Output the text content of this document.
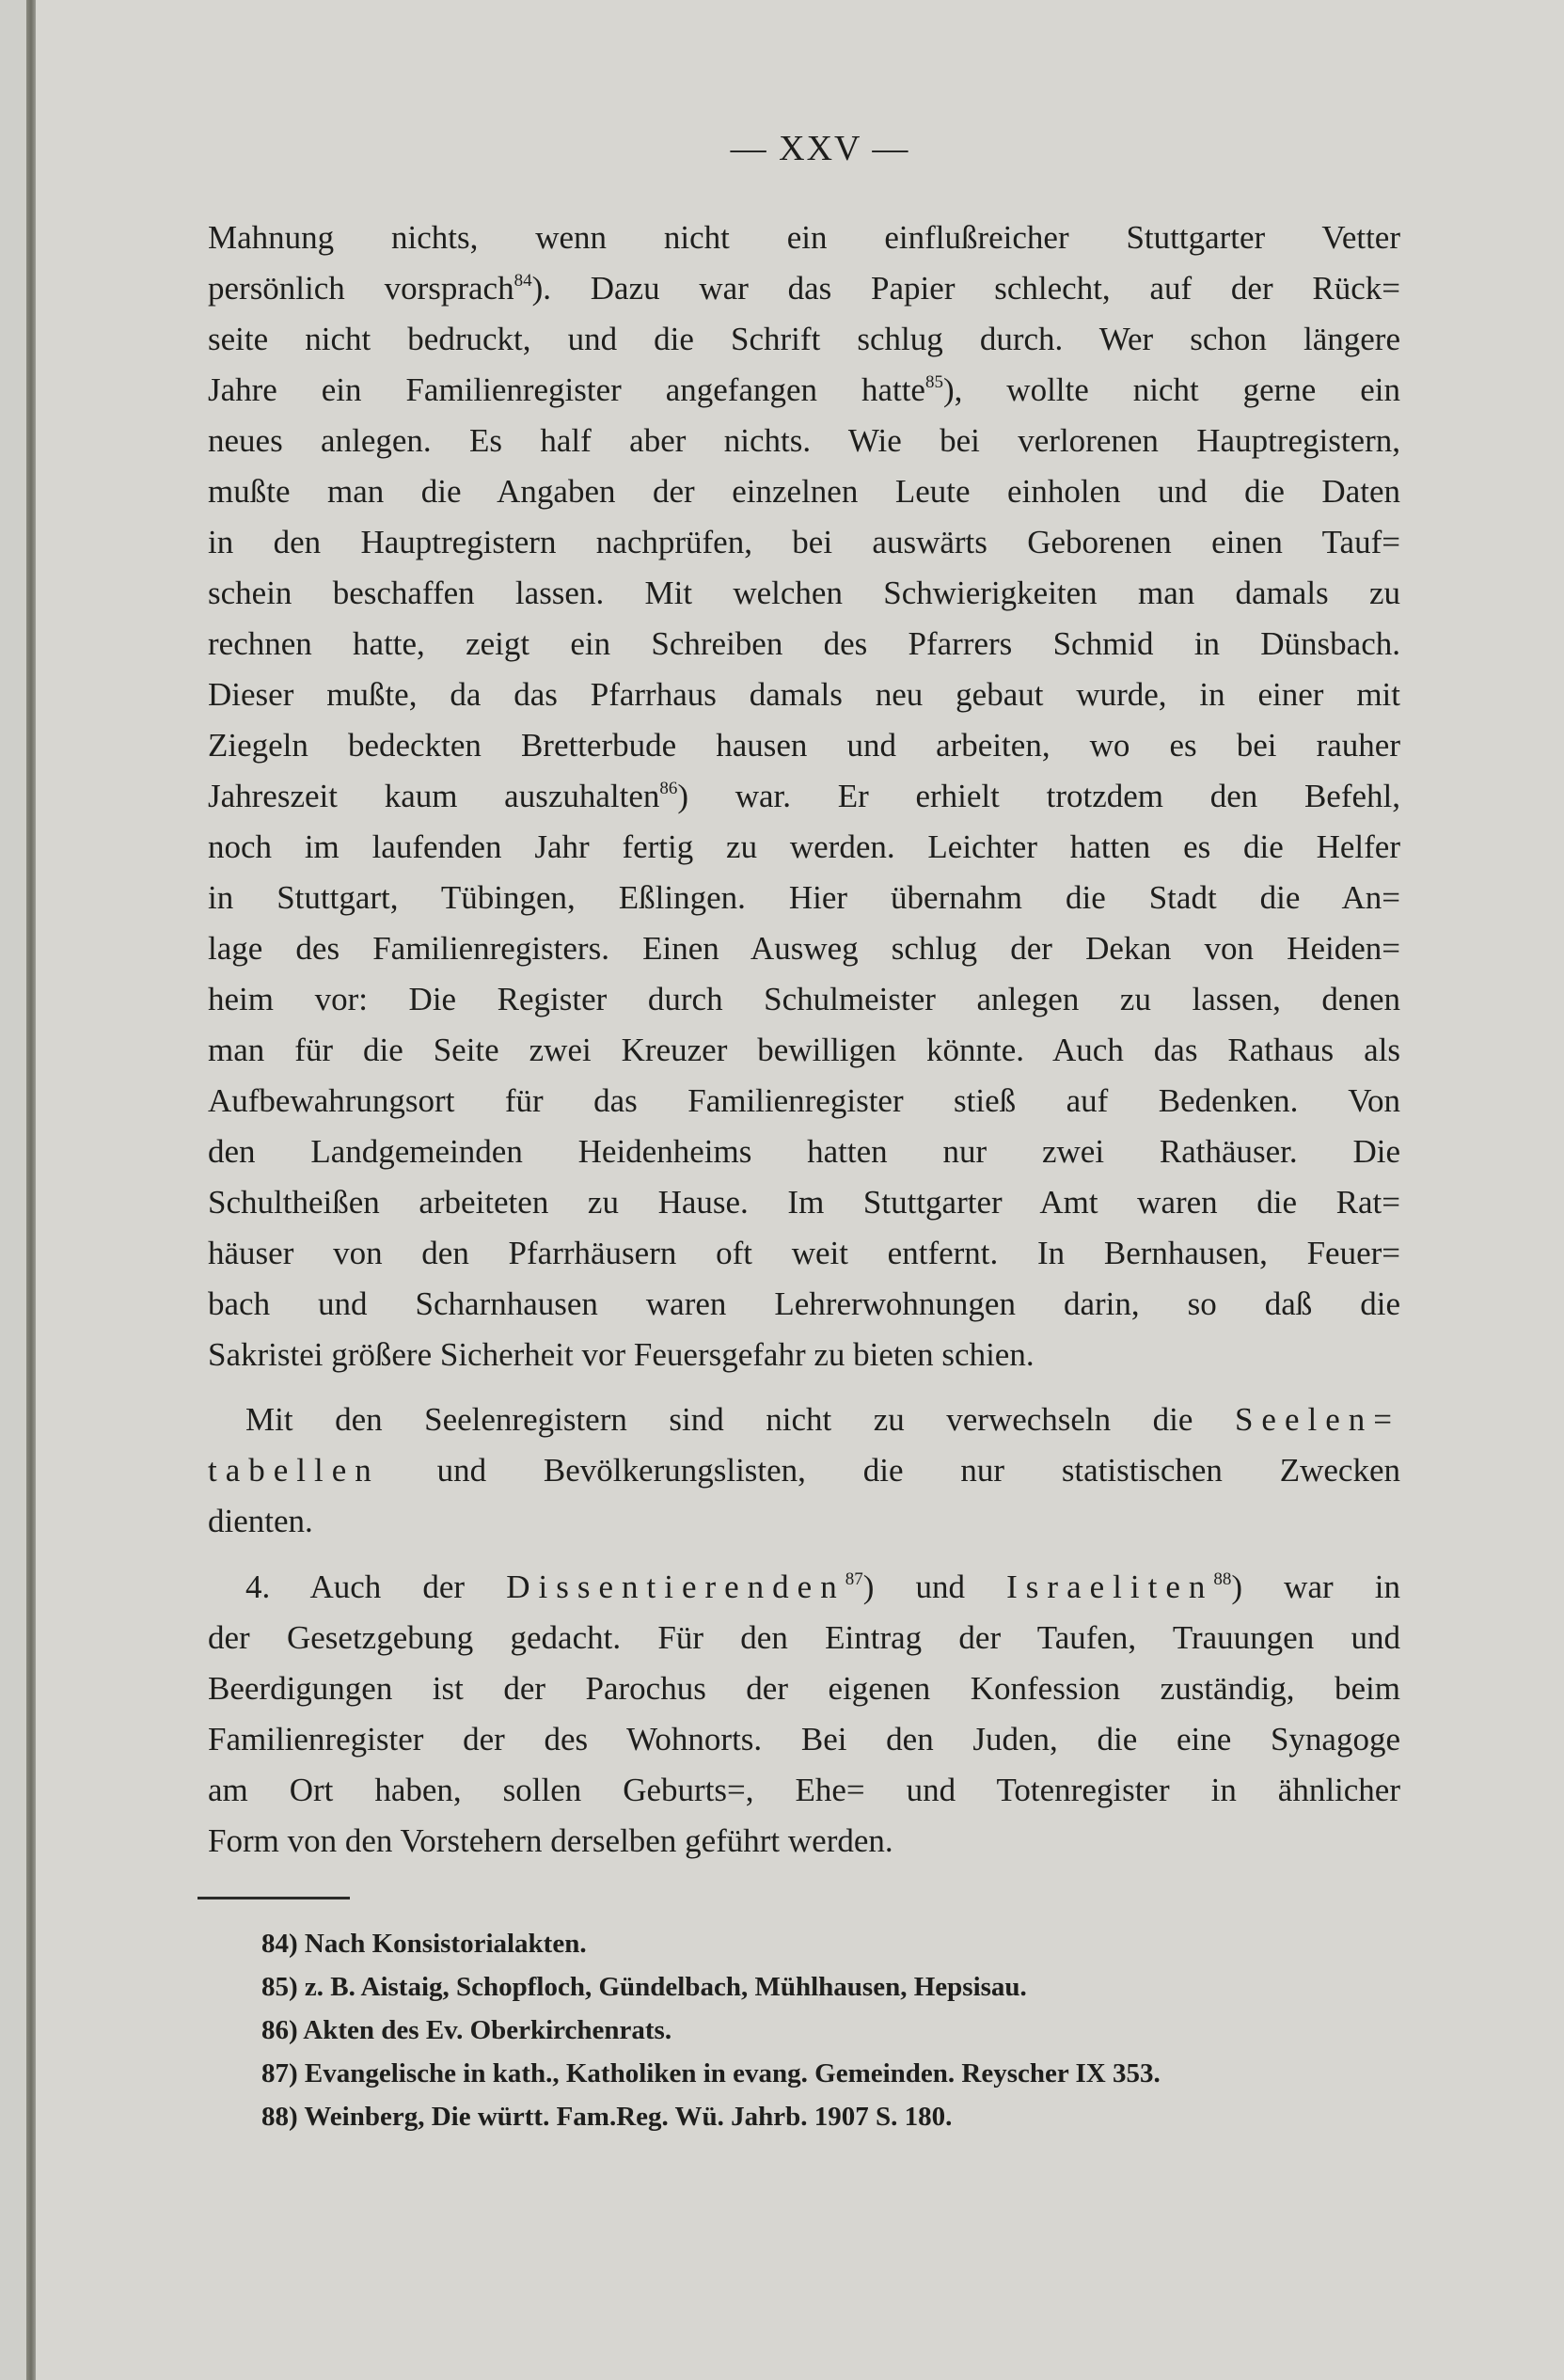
— XXV —
Mahnung nichts, wenn nicht ein einflußreicher Stuttgarter Vetter
persönlich vorsprach$^{84}$). Dazu war das Papier schlecht, auf der Rück=
seite nicht bedruckt, und die Schrift schlug durch. Wer schon längere
Jahre ein Familienregister angefangen hatte$^{85}$), wollte nicht gerne ein
neues anlegen. Es half aber nichts. Wie bei verlorenen Hauptregistern,
mußte man die Angaben der einzelnen Leute einholen und die Daten
in den Hauptregistern nachprüfen, bei auswärts Geborenen einen Tauf=
schein beschaffen lassen. Mit welchen Schwierigkeiten man damals zu
rechnen hatte, zeigt ein Schreiben des Pfarrers Schmid in Dünsbach.
Dieser mußte, da das Pfarrhaus damals neu gebaut wurde, in einer mit
Ziegeln bedeckten Bretterbude hausen und arbeiten, wo es bei rauher
Jahreszeit kaum auszuhalten$^{86}$) war. Er erhielt trotzdem den Befehl,
noch im laufenden Jahr fertig zu werden. Leichter hatten es die Helfer
in Stuttgart, Tübingen, Eßlingen. Hier übernahm die Stadt die An=
lage des Familienregisters. Einen Ausweg schlug der Dekan von Heiden=
heim vor: Die Register durch Schulmeister anlegen zu lassen, denen
man für die Seite zwei Kreuzer bewilligen könnte. Auch das Rathaus als
Aufbewahrungsort für das Familienregister stieß auf Bedenken. Von
den Landgemeinden Heidenheims hatten nur zwei Rathäuser. Die
Schultheißen arbeiteten zu Hause. Im Stuttgarter Amt waren die Rat=
häuser von den Pfarrhäusern oft weit entfernt. In Bernhausen, Feuer=
bach und Scharnhausen waren Lehrerwohnungen darin, so daß die
Sakristei größere Sicherheit vor Feuersgefahr zu bieten schien.
Mit den Seelenregistern sind nicht zu verwechseln die Seelen=
tabellen und Bevölkerungslisten, die nur statistischen Zwecken
dienten.
4. Auch der Dissentierenden$^{87}$) und Israeliten$^{88}$) war in
der Gesetzgebung gedacht. Für den Eintrag der Taufen, Trauungen und
Beerdigungen ist der Parochus der eigenen Konfession zuständig, beim
Familienregister der des Wohnorts. Bei den Juden, die eine Synagoge
am Ort haben, sollen Geburts=, Ehe= und Totenregister in ähnlicher
Form von den Vorstehern derselben geführt werden.
84) Nach Konsistorialakten.
85) z. B. Aistaig, Schopfloch, Gündelbach, Mühlhausen, Hepsisau.
86) Akten des Ev. Oberkirchenrats.
87) Evangelische in kath., Katholiken in evang. Gemeinden. Reyscher IX 353.
88) Weinberg, Die württ. Fam.Reg. Wü. Jahrb. 1907 S. 180.
